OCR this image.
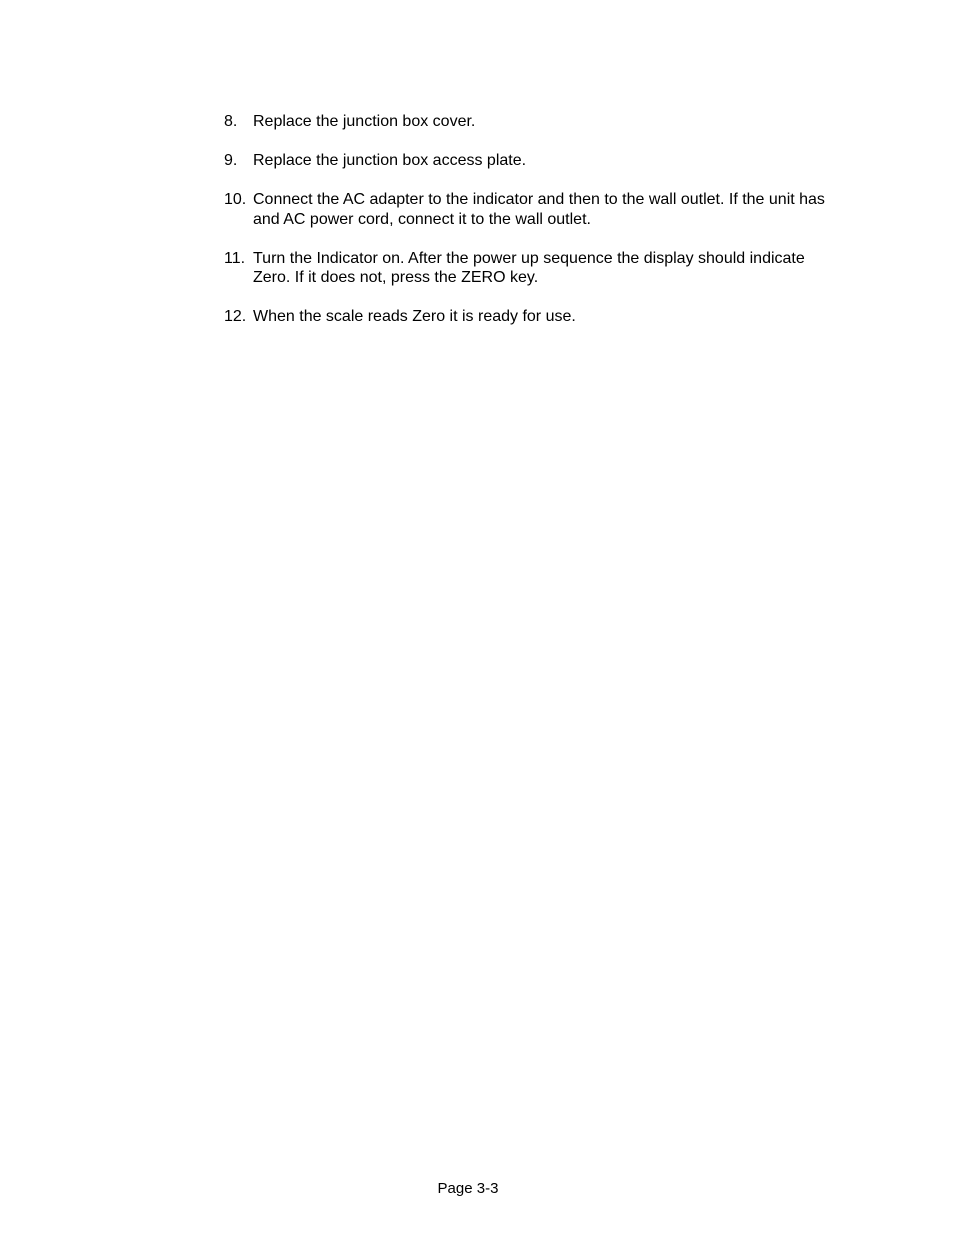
8. Replace the junction box cover.
9. Replace the junction box access plate.
10. Connect the AC adapter to the indicator and then to the wall outlet. If the unit has and AC power cord, connect it to the wall outlet.
11. Turn the Indicator on. After the power up sequence the display should indicate Zero. If it does not, press the ZERO key.
12. When the scale reads Zero it is ready for use.
Page 3-3
